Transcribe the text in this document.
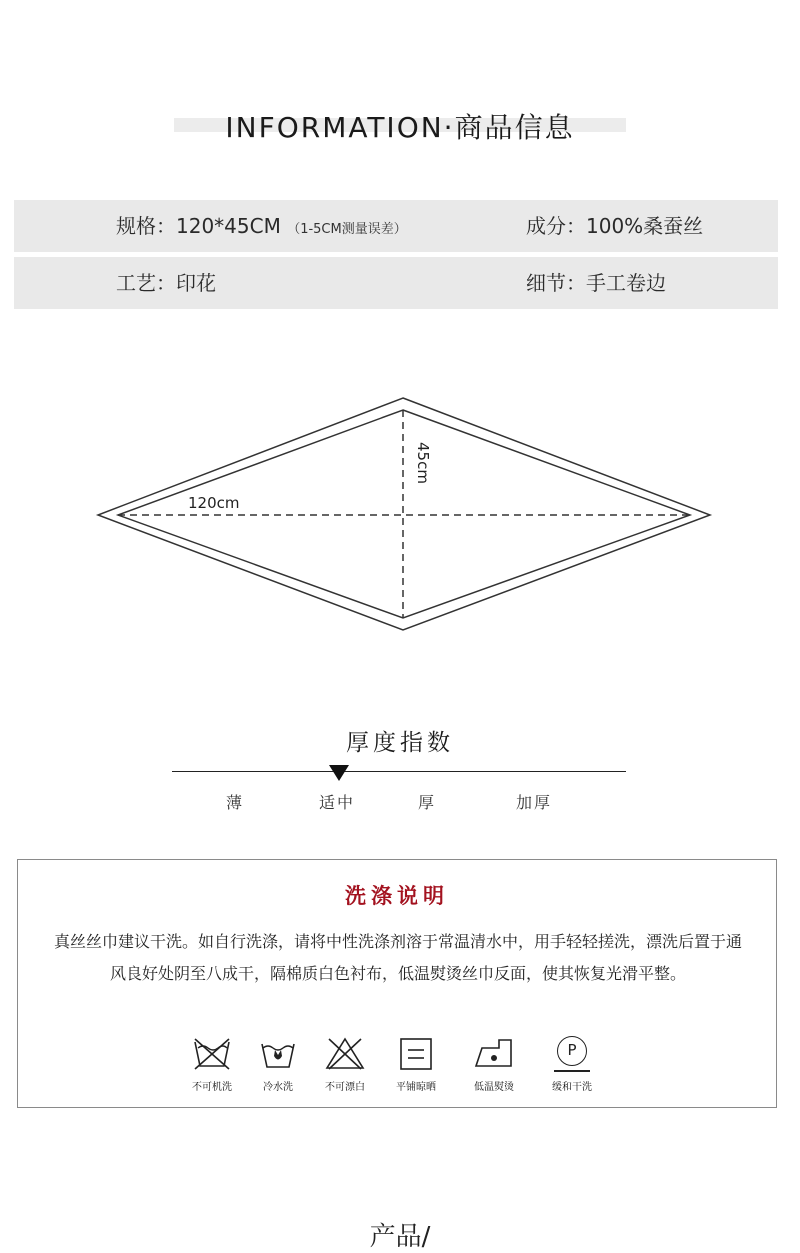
INFORMATION·商品信息
规格：120*45CM （1-5CM测量误差）	成分：100%桑蚕丝
工艺：印花	细节：手工卷边
120cm
45cm
厚度指数
薄	适中	厚	加厚
洗涤说明
真丝丝巾建议干洗。如自行洗涤，请将中性洗涤剂溶于常温清水中，用手轻轻搓洗，漂洗后置于通风良好处阴至八成干，隔棉质白色衬布，低温熨烫丝巾反面，使其恢复光滑平整。
不可机洗	冷水洗	不可漂白	平铺晾晒	低温熨烫
P
缓和干洗
产品/
